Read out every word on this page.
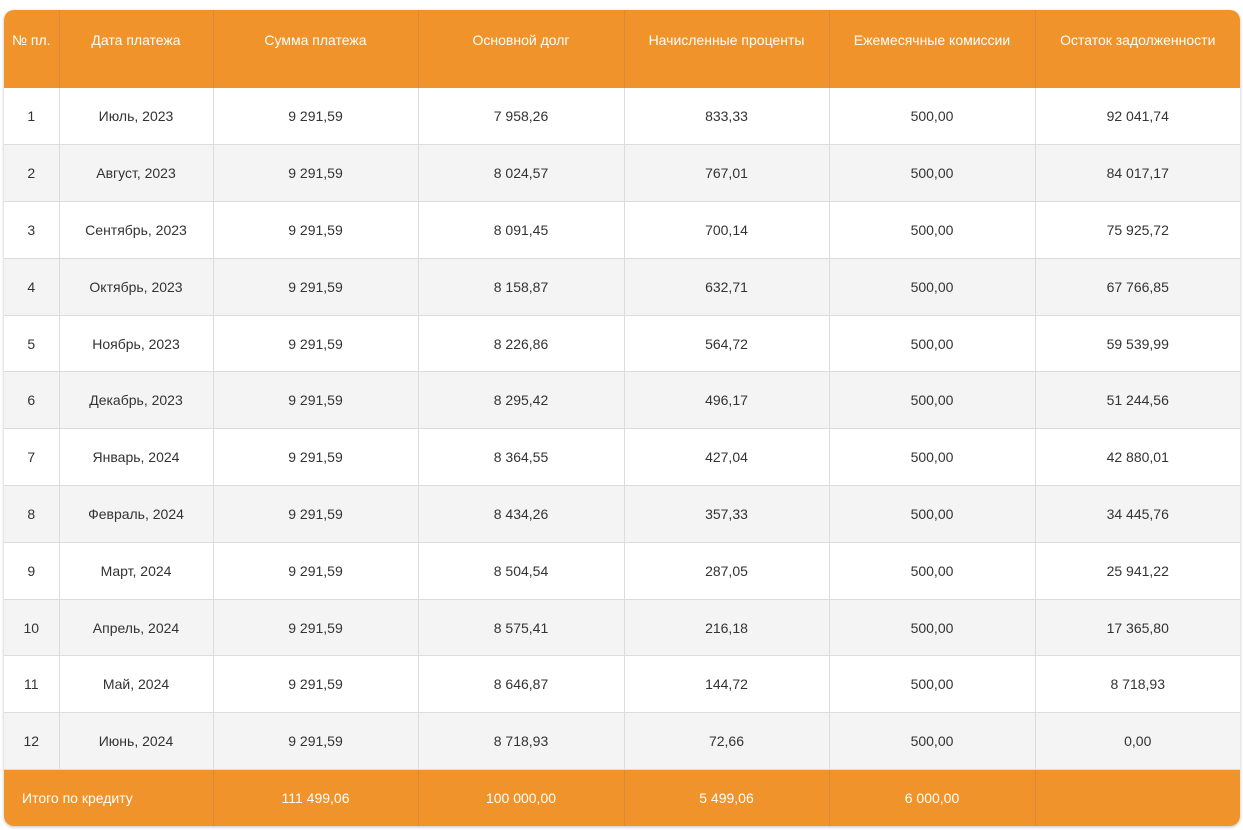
№ пл.	Дата платежа	Сумма платежа	Основной долг	Начисленные проценты	Ежемесячные комиссии	Остаток задолженности
1	Июль, 2023	9 291,59	7 958,26	833,33	500,00	92 041,74
2	Август, 2023	9 291,59	8 024,57	767,01	500,00	84 017,17
3	Сентябрь, 2023	9 291,59	8 091,45	700,14	500,00	75 925,72
4	Октябрь, 2023	9 291,59	8 158,87	632,71	500,00	67 766,85
5	Ноябрь, 2023	9 291,59	8 226,86	564,72	500,00	59 539,99
6	Декабрь, 2023	9 291,59	8 295,42	496,17	500,00	51 244,56
7	Январь, 2024	9 291,59	8 364,55	427,04	500,00	42 880,01
8	Февраль, 2024	9 291,59	8 434,26	357,33	500,00	34 445,76
9	Март, 2024	9 291,59	8 504,54	287,05	500,00	25 941,22
10	Апрель, 2024	9 291,59	8 575,41	216,18	500,00	17 365,80
11	Май, 2024	9 291,59	8 646,87	144,72	500,00	8 718,93
12	Июнь, 2024	9 291,59	8 718,93	72,66	500,00	0,00
Итого по кредиту		111 499,06	100 000,00	5 499,06	6 000,00	
